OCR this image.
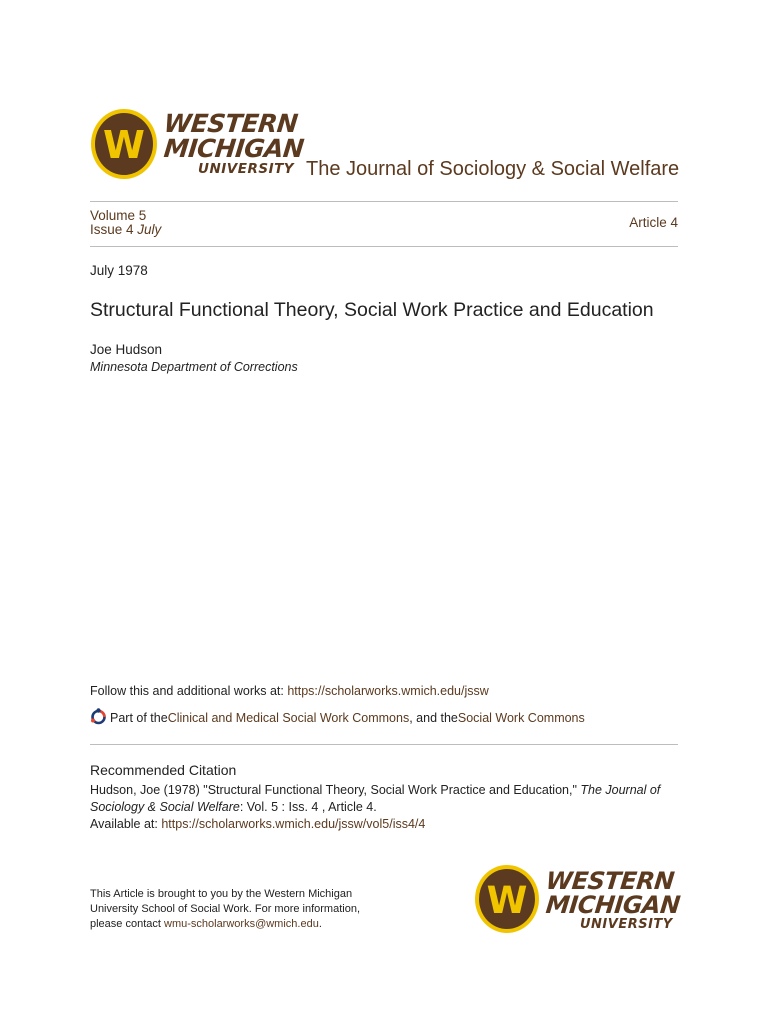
W WESTERN
MICHIGAN
UNIVERSITY The Journal of Sociology & Social Welfare
Volume 5
Issue 4 July	Article 4
July 1978
Structural Functional Theory, Social Work Practice and Education
Joe Hudson
Minnesota Department of Corrections
Follow this and additional works at: https://scholarworks.wmich.edu/jssw
Part of the Clinical and Medical Social Work Commons , and the Social Work Commons
Recommended Citation
Hudson, Joe (1978) "Structural Functional Theory, Social Work Practice and Education," The Journal of Sociology & Social Welfare: Vol. 5 : Iss. 4 , Article 4.
Available at: https://scholarworks.wmich.edu/jssw/vol5/iss4/4
This Article is brought to you by the Western Michigan University School of Social Work. For more information, please contact wmu-scholarworks@wmich.edu.
W WESTERN
MICHIGAN
UNIVERSITY
